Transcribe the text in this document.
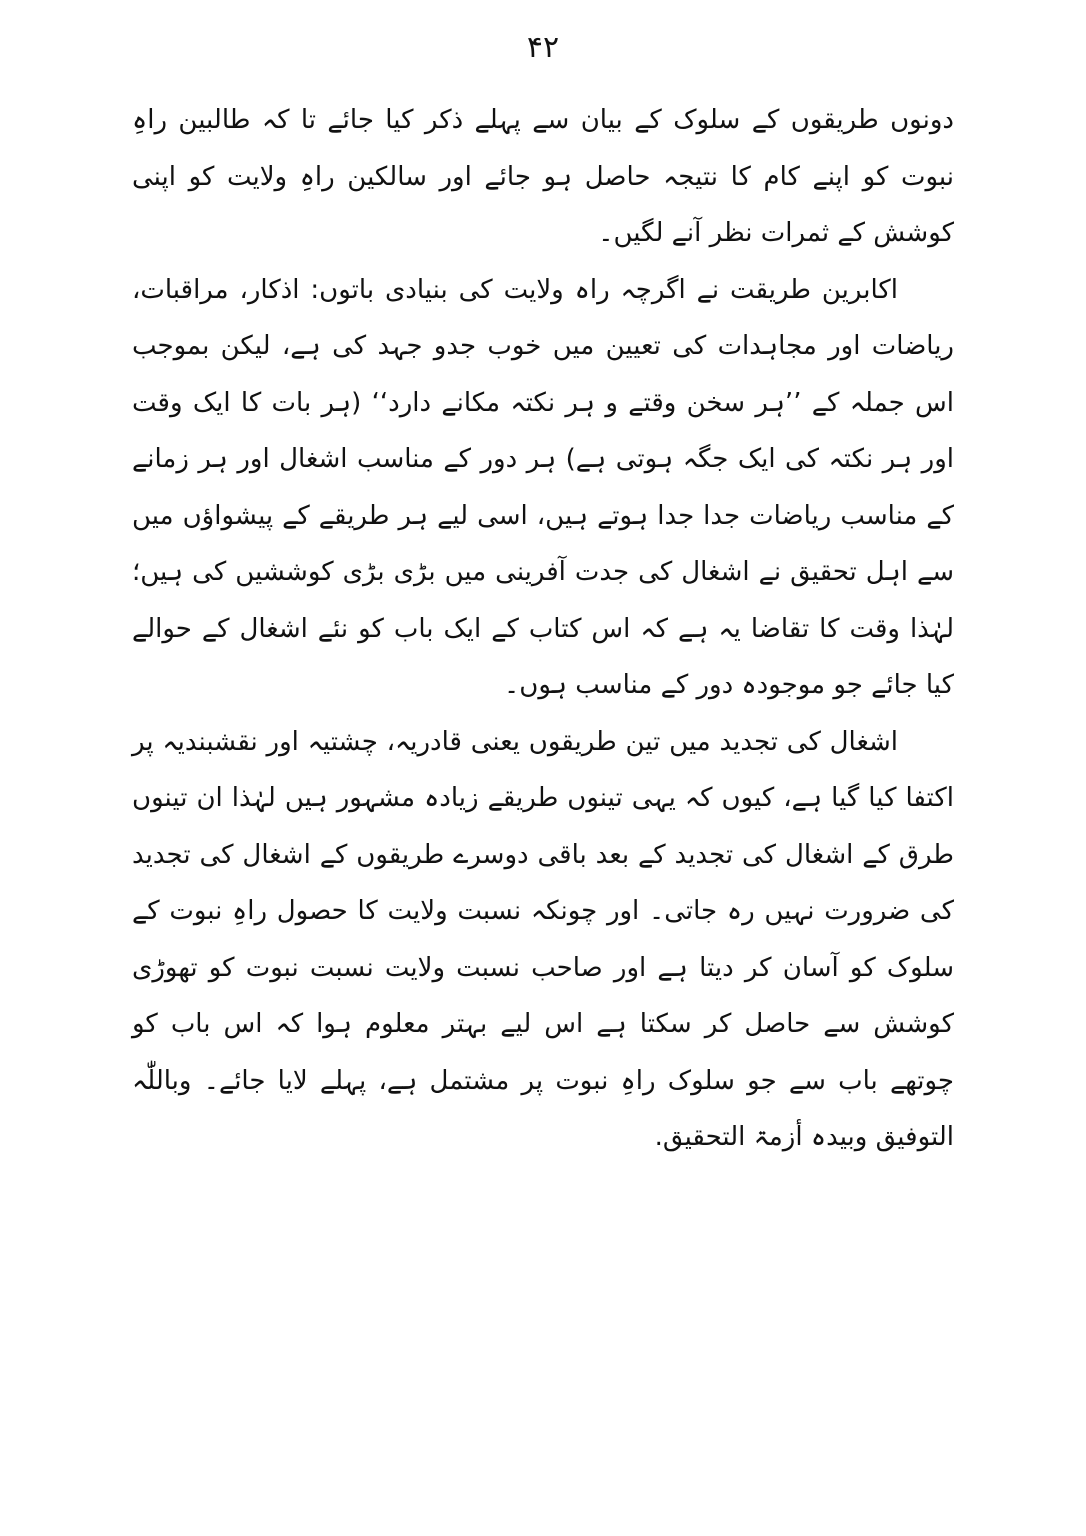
۴۲

دونوں طریقوں کے سلوک کے بیان سے پہلے ذکر کیا جائے تا کہ طالبین راہِ نبوت کو اپنے کام کا نتیجہ حاصل ہو جائے اور سالکین راہِ ولایت کو اپنی کوشش کے ثمرات نظر آنے لگیں۔

اکابرین طریقت نے اگرچہ راہ ولایت کی بنیادی باتوں: اذکار، مراقبات، ریاضات اور مجاہدات کی تعیین میں خوب جدو جہد کی ہے، لیکن بموجب اس جملہ کے ’’ہر سخن وقتے و ہر نکتہ مکانے دارد‘‘ (ہر بات کا ایک وقت اور ہر نکتہ کی ایک جگہ ہوتی ہے) ہر دور کے مناسب اشغال اور ہر زمانے کے مناسب ریاضات جدا جدا ہوتے ہیں، اسی لیے ہر طریقے کے پیشواؤں میں سے اہل تحقیق نے اشغال کی جدت آفرینی میں بڑی بڑی کوششیں کی ہیں؛ لہٰذا وقت کا تقاضا یہ ہے کہ اس کتاب کے ایک باب کو نئے اشغال کے حوالے کیا جائے جو موجودہ دور کے مناسب ہوں۔

اشغال کی تجدید میں تین طریقوں یعنی قادریہ، چشتیہ اور نقشبندیہ پر اکتفا کیا گیا ہے، کیوں کہ یہی تینوں طریقے زیادہ مشہور ہیں لہٰذا ان تینوں طرق کے اشغال کی تجدید کے بعد باقی دوسرے طریقوں کے اشغال کی تجدید کی ضرورت نہیں رہ جاتی۔ اور چونکہ نسبت ولایت کا حصول راہِ نبوت کے سلوک کو آسان کر دیتا ہے اور صاحب نسبت ولایت نسبت نبوت کو تھوڑی کوشش سے حاصل کر سکتا ہے اس لیے بہتر معلوم ہوا کہ اس باب کو چوتھے باب سے جو سلوک راہِ نبوت پر مشتمل ہے، پہلے لایا جائے۔ وباللّٰہ التوفیق وبیدہ أزمۃ التحقیق.
